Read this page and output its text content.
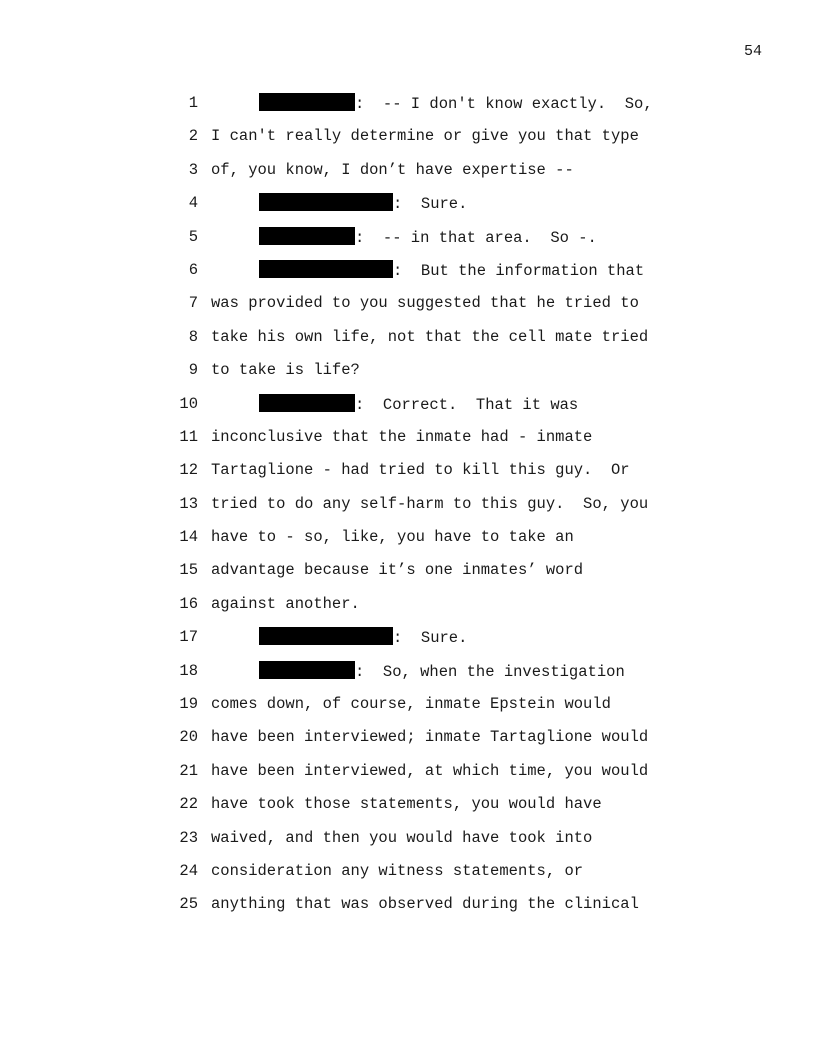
54
1	:  -- I don't know exactly.  So,
2 I can't really determine or give you that type
3 of, you know, I don’t have expertise --
4	:  Sure.
5	:  -- in that area.  So -.
6	:  But the information that
7 was provided to you suggested that he tried to
8 take his own life, not that the cell mate tried
9 to take is life?
10	:  Correct.  That it was
11 inconclusive that the inmate had - inmate
12 Tartaglione - had tried to kill this guy.  Or
13 tried to do any self-harm to this guy.  So, you
14 have to - so, like, you have to take an
15 advantage because it’s one inmates’ word
16 against another.
17	:  Sure.
18	:  So, when the investigation
19 comes down, of course, inmate Epstein would
20 have been interviewed; inmate Tartaglione would
21 have been interviewed, at which time, you would
22 have took those statements, you would have
23 waived, and then you would have took into
24 consideration any witness statements, or
25 anything that was observed during the clinical
